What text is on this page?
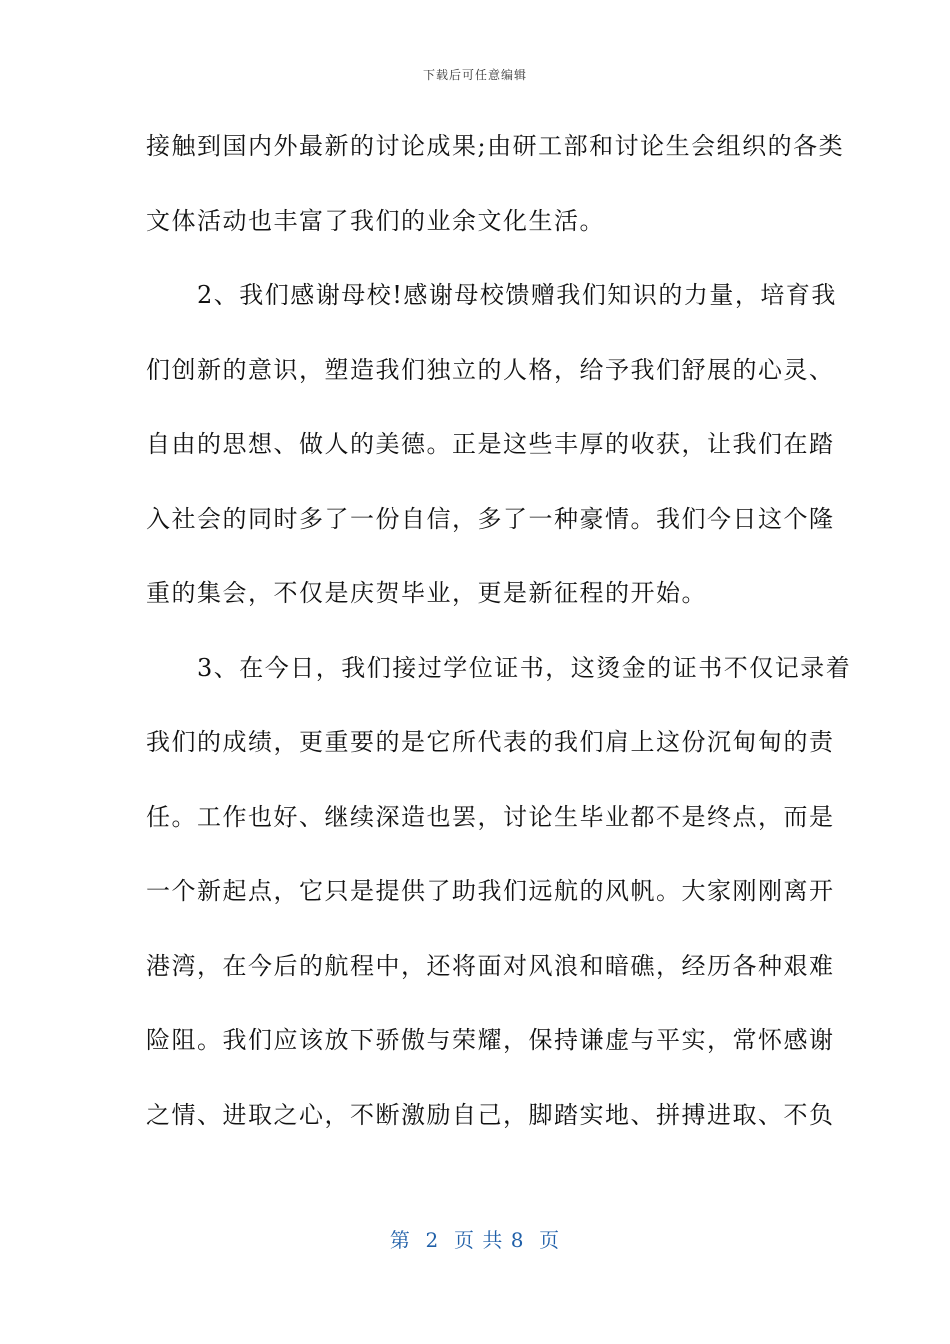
下载后可任意编辑
接触到国内外最新的讨论成果;由研工部和讨论生会组织的各类
文体活动也丰富了我们的业余文化生活。
　　2、我们感谢母校!感谢母校馈赠我们知识的力量，培育我
们创新的意识，塑造我们独立的人格，给予我们舒展的心灵、
自由的思想、做人的美德。正是这些丰厚的收获，让我们在踏
入社会的同时多了一份自信，多了一种豪情。我们今日这个隆
重的集会，不仅是庆贺毕业，更是新征程的开始。
　　3、在今日，我们接过学位证书，这烫金的证书不仅记录着
我们的成绩，更重要的是它所代表的我们肩上这份沉甸甸的责
任。工作也好、继续深造也罢，讨论生毕业都不是终点，而是
一个新起点，它只是提供了助我们远航的风帆。大家刚刚离开
港湾，在今后的航程中，还将面对风浪和暗礁，经历各种艰难
险阻。我们应该放下骄傲与荣耀，保持谦虚与平实，常怀感谢
之情、进取之心，不断激励自己，脚踏实地、拼搏进取、不负
第  2  页 共 8  页
